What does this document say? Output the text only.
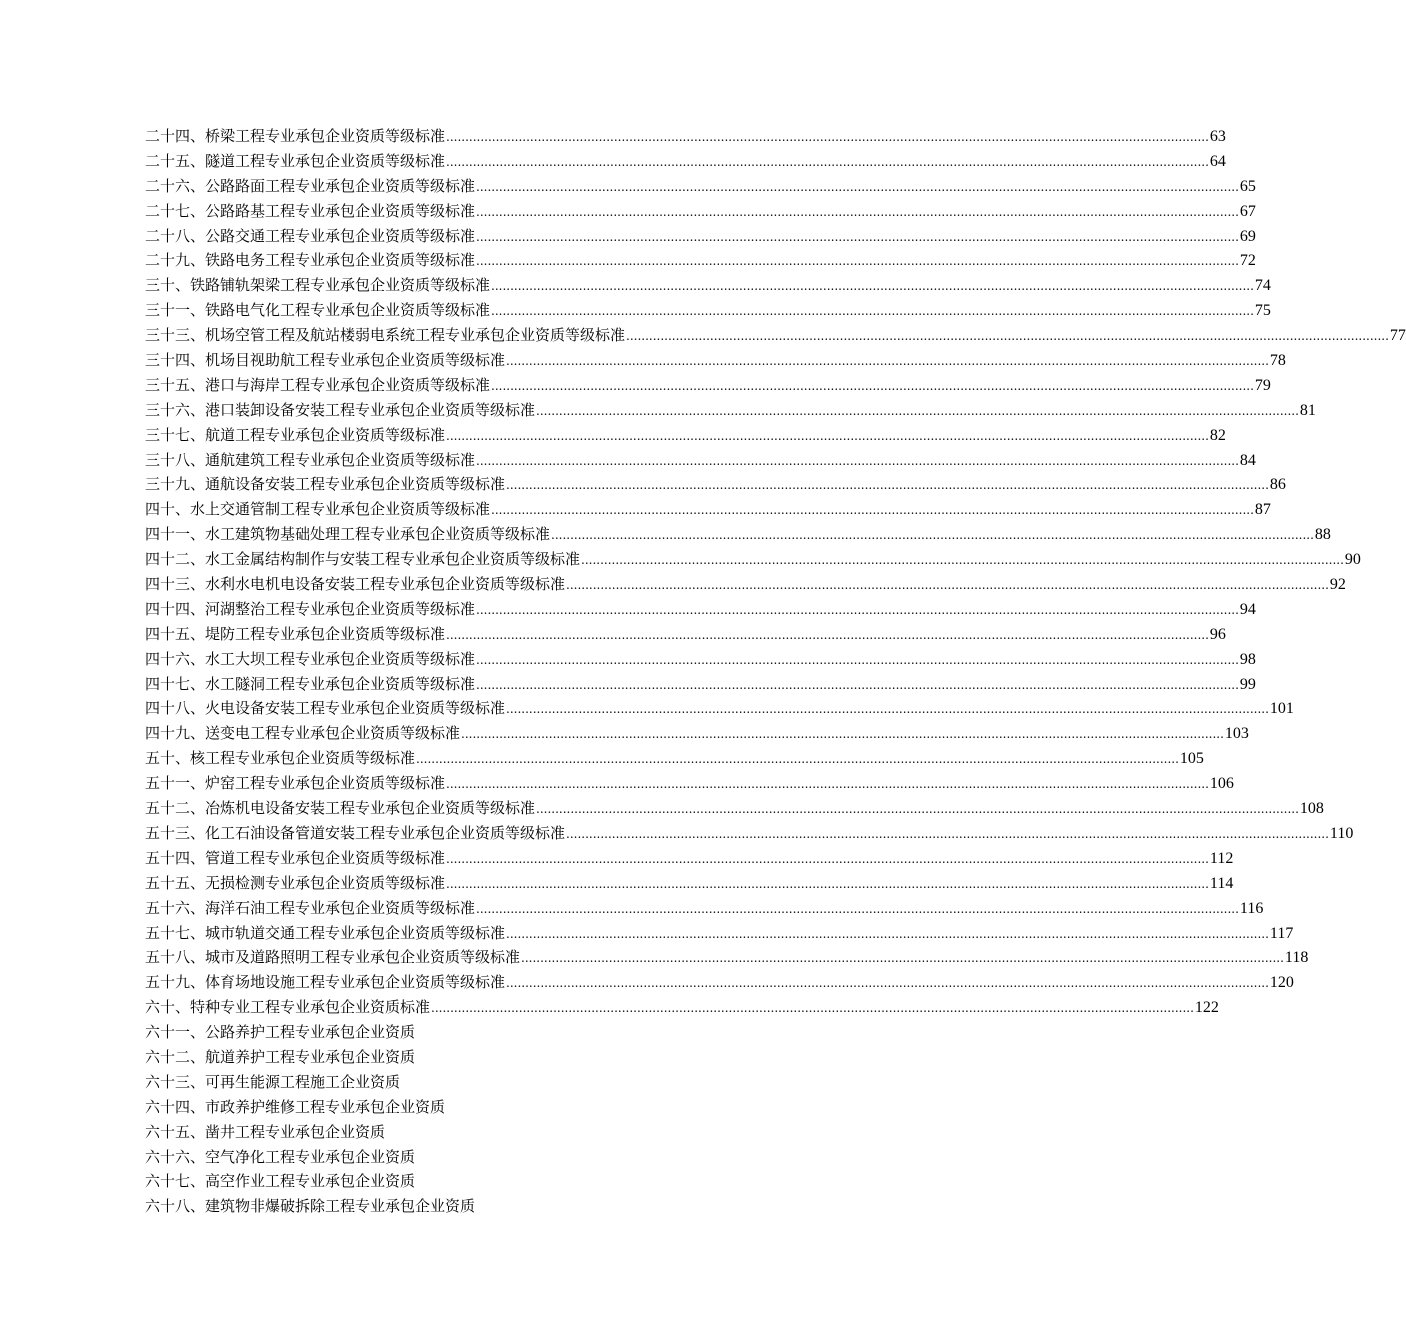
二十四、桥梁工程专业承包企业资质等级标准 ........................................................................................................................................................................................................ 63
二十五、隧道工程专业承包企业资质等级标准 ........................................................................................................................................................................................................ 64
二十六、公路路面工程专业承包企业资质等级标准 ........................................................................................................................................................................................................ 65
二十七、公路路基工程专业承包企业资质等级标准 ........................................................................................................................................................................................................ 67
二十八、公路交通工程专业承包企业资质等级标准 ........................................................................................................................................................................................................ 69
二十九、铁路电务工程专业承包企业资质等级标准 ........................................................................................................................................................................................................ 72
三十、铁路铺轨架梁工程专业承包企业资质等级标准 ........................................................................................................................................................................................................ 74
三十一、铁路电气化工程专业承包企业资质等级标准 ........................................................................................................................................................................................................ 75
三十三、机场空管工程及航站楼弱电系统工程专业承包企业资质等级标准 ........................................................................................................................................................................................................ 77
三十四、机场目视助航工程专业承包企业资质等级标准 ........................................................................................................................................................................................................ 78
三十五、港口与海岸工程专业承包企业资质等级标准 ........................................................................................................................................................................................................ 79
三十六、港口装卸设备安装工程专业承包企业资质等级标准 ........................................................................................................................................................................................................ 81
三十七、航道工程专业承包企业资质等级标准 ........................................................................................................................................................................................................ 82
三十八、通航建筑工程专业承包企业资质等级标准 ........................................................................................................................................................................................................ 84
三十九、通航设备安装工程专业承包企业资质等级标准 ........................................................................................................................................................................................................ 86
四十、水上交通管制工程专业承包企业资质等级标准 ........................................................................................................................................................................................................ 87
四十一、水工建筑物基础处理工程专业承包企业资质等级标准 ........................................................................................................................................................................................................ 88
四十二、水工金属结构制作与安装工程专业承包企业资质等级标准 ........................................................................................................................................................................................................ 90
四十三、水利水电机电设备安装工程专业承包企业资质等级标准 ........................................................................................................................................................................................................ 92
四十四、河湖整治工程专业承包企业资质等级标准 ........................................................................................................................................................................................................ 94
四十五、堤防工程专业承包企业资质等级标准 ........................................................................................................................................................................................................ 96
四十六、水工大坝工程专业承包企业资质等级标准 ........................................................................................................................................................................................................ 98
四十七、水工隧洞工程专业承包企业资质等级标准 ........................................................................................................................................................................................................ 99
四十八、火电设备安装工程专业承包企业资质等级标准 ........................................................................................................................................................................................................ 101
四十九、送变电工程专业承包企业资质等级标准 ........................................................................................................................................................................................................ 103
五十、核工程专业承包企业资质等级标准 ........................................................................................................................................................................................................ 105
五十一、炉窑工程专业承包企业资质等级标准 ........................................................................................................................................................................................................ 106
五十二、冶炼机电设备安装工程专业承包企业资质等级标准 ........................................................................................................................................................................................................ 108
五十三、化工石油设备管道安装工程专业承包企业资质等级标准 ........................................................................................................................................................................................................ 110
五十四、管道工程专业承包企业资质等级标准 ........................................................................................................................................................................................................ 112
五十五、无损检测专业承包企业资质等级标准 ........................................................................................................................................................................................................ 114
五十六、海洋石油工程专业承包企业资质等级标准 ........................................................................................................................................................................................................ 116
五十七、城市轨道交通工程专业承包企业资质等级标准 ........................................................................................................................................................................................................ 117
五十八、城市及道路照明工程专业承包企业资质等级标准 ........................................................................................................................................................................................................ 118
五十九、体育场地设施工程专业承包企业资质等级标准 ........................................................................................................................................................................................................ 120
六十、特种专业工程专业承包企业资质标准 ........................................................................................................................................................................................................ 122
六十一、公路养护工程专业承包企业资质
六十二、航道养护工程专业承包企业资质
六十三、可再生能源工程施工企业资质
六十四、市政养护维修工程专业承包企业资质
六十五、凿井工程专业承包企业资质
六十六、空气净化工程专业承包企业资质
六十七、高空作业工程专业承包企业资质
六十八、建筑物非爆破拆除工程专业承包企业资质
